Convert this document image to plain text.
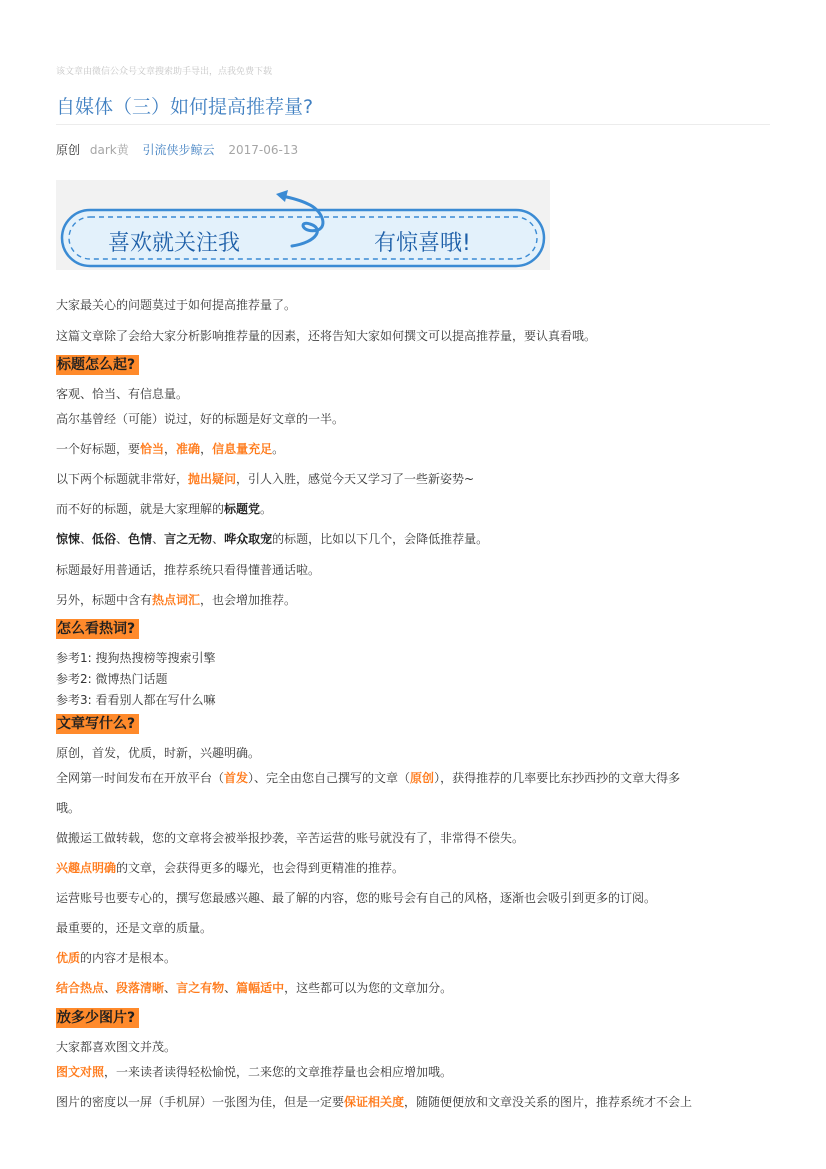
该文章由微信公众号文章搜索助手导出，点我免费下载
自媒体（三）如何提高推荐量?
原创 dark黄 引流侠步鲸云 2017-06-13
喜欢就关注我	有惊喜哦!
大家最关心的问题莫过于如何提高推荐量了。
这篇文章除了会给大家分析影响推荐量的因素，还将告知大家如何撰文可以提高推荐量，要认真看哦。
标题怎么起?
客观、恰当、有信息量。
高尔基曾经（可能）说过，好的标题是好文章的一半。
一个好标题，要恰当，准确，信息量充足。
以下两个标题就非常好，抛出疑问，引人入胜，感觉今天又学习了一些新姿势~
而不好的标题，就是大家理解的标题党。
惊悚、低俗、色情、言之无物、哗众取宠的标题，比如以下几个，会降低推荐量。
标题最好用普通话，推荐系统只看得懂普通话啦。
另外，标题中含有热点词汇，也会增加推荐。
怎么看热词?
参考1: 搜狗热搜榜等搜索引擎
参考2: 微博热门话题
参考3: 看看别人都在写什么嘛
文章写什么?
原创，首发，优质，时新，兴趣明确。
全网第一时间发布在开放平台（首发）、完全由您自己撰写的文章（原创），获得推荐的几率要比东抄西抄的文章大得多
哦。
做搬运工做转载，您的文章将会被举报抄袭，辛苦运营的账号就没有了，非常得不偿失。
兴趣点明确的文章，会获得更多的曝光，也会得到更精准的推荐。
运营账号也要专心的，撰写您最感兴趣、最了解的内容，您的账号会有自己的风格，逐渐也会吸引到更多的订阅。
最重要的，还是文章的质量。
优质的内容才是根本。
结合热点、段落清晰、言之有物、篇幅适中，这些都可以为您的文章加分。
放多少图片?
大家都喜欢图文并茂。
图文对照，一来读者读得轻松愉悦，二来您的文章推荐量也会相应增加哦。
图片的密度以一屏（手机屏）一张图为佳，但是一定要保证相关度，随随便便放和文章没关系的图片，推荐系统才不会上
